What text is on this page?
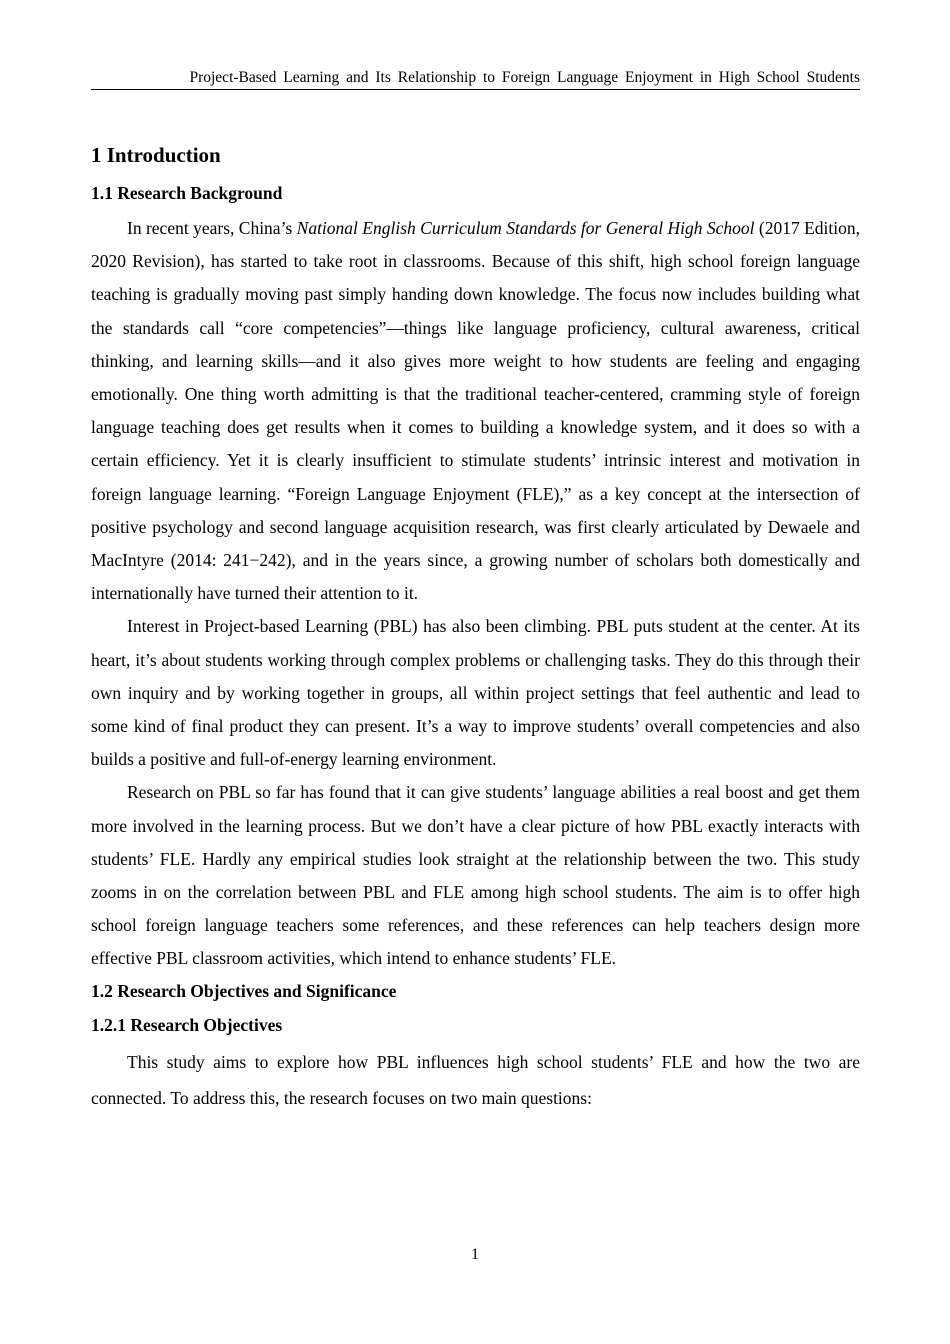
Project-Based Learning and Its Relationship to Foreign Language Enjoyment in High School Students
1 Introduction
1.1 Research Background

In recent years, China’s National English Curriculum Standards for General High School (2017 Edition, 2020 Revision), has started to take root in classrooms. Because of this shift, high school foreign language teaching is gradually moving past simply handing down knowledge. The focus now includes building what the standards call “core competencies”—things like language proficiency, cultural awareness, critical thinking, and learning skills—and it also gives more weight to how students are feeling and engaging emotionally. One thing worth admitting is that the traditional teacher-centered, cramming style of foreign language teaching does get results when it comes to building a knowledge system, and it does so with a certain efficiency. Yet it is clearly insufficient to stimulate students’ intrinsic interest and motivation in foreign language learning. “Foreign Language Enjoyment (FLE),” as a key concept at the intersection of positive psychology and second language acquisition research, was first clearly articulated by Dewaele and MacIntyre (2014: 241−242), and in the years since, a growing number of scholars both domestically and internationally have turned their attention to it.

Interest in Project-based Learning (PBL) has also been climbing. PBL puts student at the center. At its heart, it’s about students working through complex problems or challenging tasks. They do this through their own inquiry and by working together in groups, all within project settings that feel authentic and lead to some kind of final product they can present. It’s a way to improve students’ overall competencies and also builds a positive and full-of-energy learning environment.

Research on PBL so far has found that it can give students’ language abilities a real boost and get them more involved in the learning process. But we don’t have a clear picture of how PBL exactly interacts with students’ FLE. Hardly any empirical studies look straight at the relationship between the two. This study zooms in on the correlation between PBL and FLE among high school students. The aim is to offer high school foreign language teachers some references, and these references can help teachers design more effective PBL classroom activities, which intend to enhance students’ FLE.

1.2 Research Objectives and Significance
1.2.1 Research Objectives

This study aims to explore how PBL influences high school students’ FLE and how the two are connected. To address this, the research focuses on two main questions:

1
